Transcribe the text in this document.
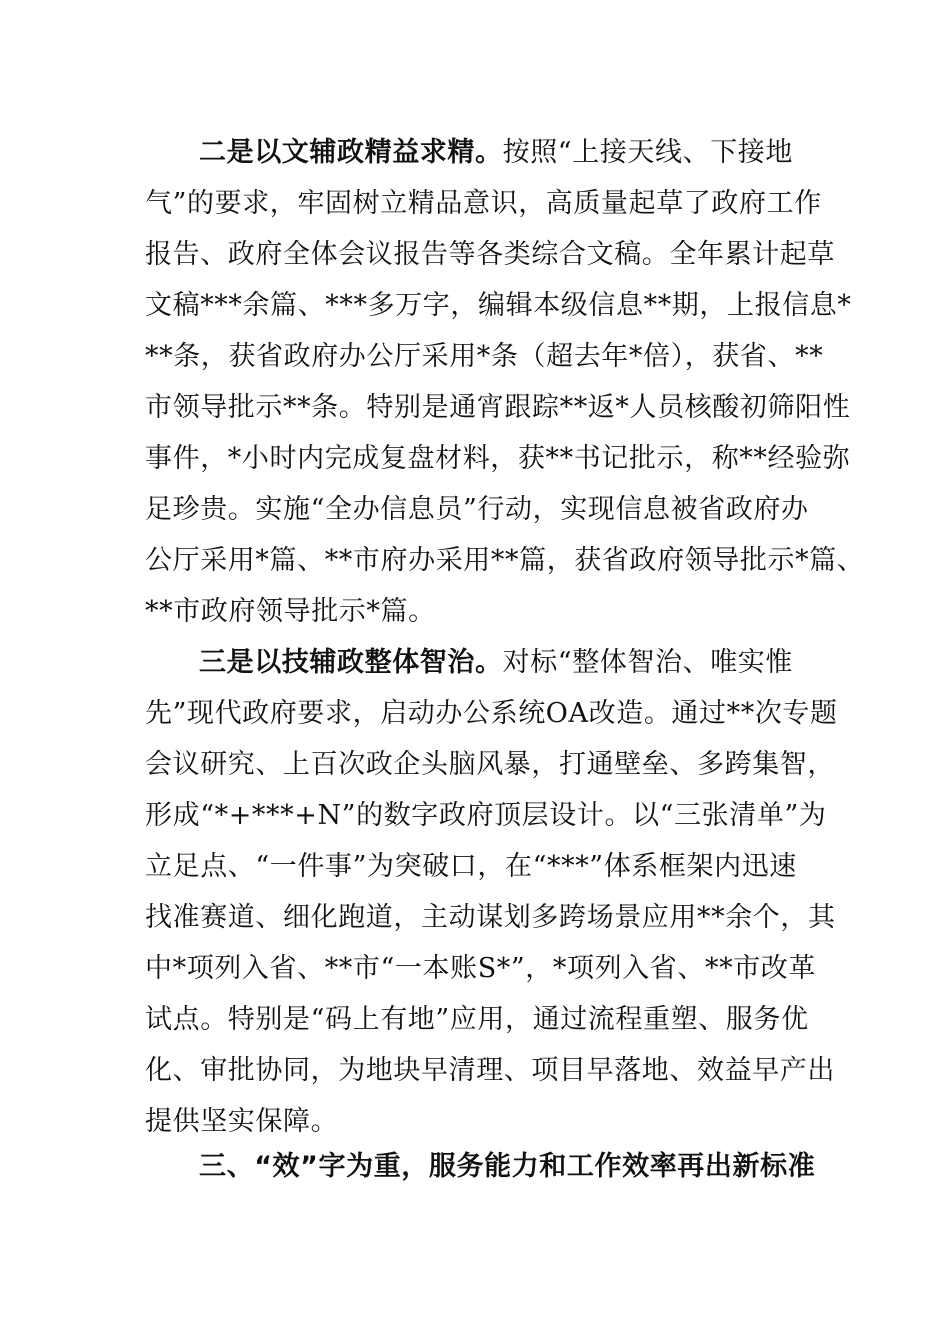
二是以文辅政精益求精。按照“上接天线、下接地
气”的要求，牢固树立精品意识，高质量起草了政府工作
报告、政府全体会议报告等各类综合文稿。全年累计起草
文稿***余篇、***多万字，编辑本级信息**期，上报信息*
**条，获省政府办公厅采用*条（超去年*倍），获省、**
市领导批示**条。特别是通宵跟踪**返*人员核酸初筛阳性
事件，*小时内完成复盘材料，获**书记批示，称**经验弥
足珍贵。实施“全办信息员”行动，实现信息被省政府办
公厅采用*篇、**市府办采用**篇，获省政府领导批示*篇、
**市政府领导批示*篇。
三是以技辅政整体智治。对标“整体智治、唯实惟
先”现代政府要求，启动办公系统OA改造。通过**次专题
会议研究、上百次政企头脑风暴，打通壁垒、多跨集智，
形成“*+***+N”的数字政府顶层设计。以“三张清单”为
立足点、“一件事”为突破口，在“***”体系框架内迅速
找准赛道、细化跑道，主动谋划多跨场景应用**余个，其
中*项列入省、**市“一本账S*”，*项列入省、**市改革
试点。特别是“码上有地”应用，通过流程重塑、服务优
化、审批协同，为地块早清理、项目早落地、效益早产出
提供坚实保障。
三、“效”字为重，服务能力和工作效率再出新标准
